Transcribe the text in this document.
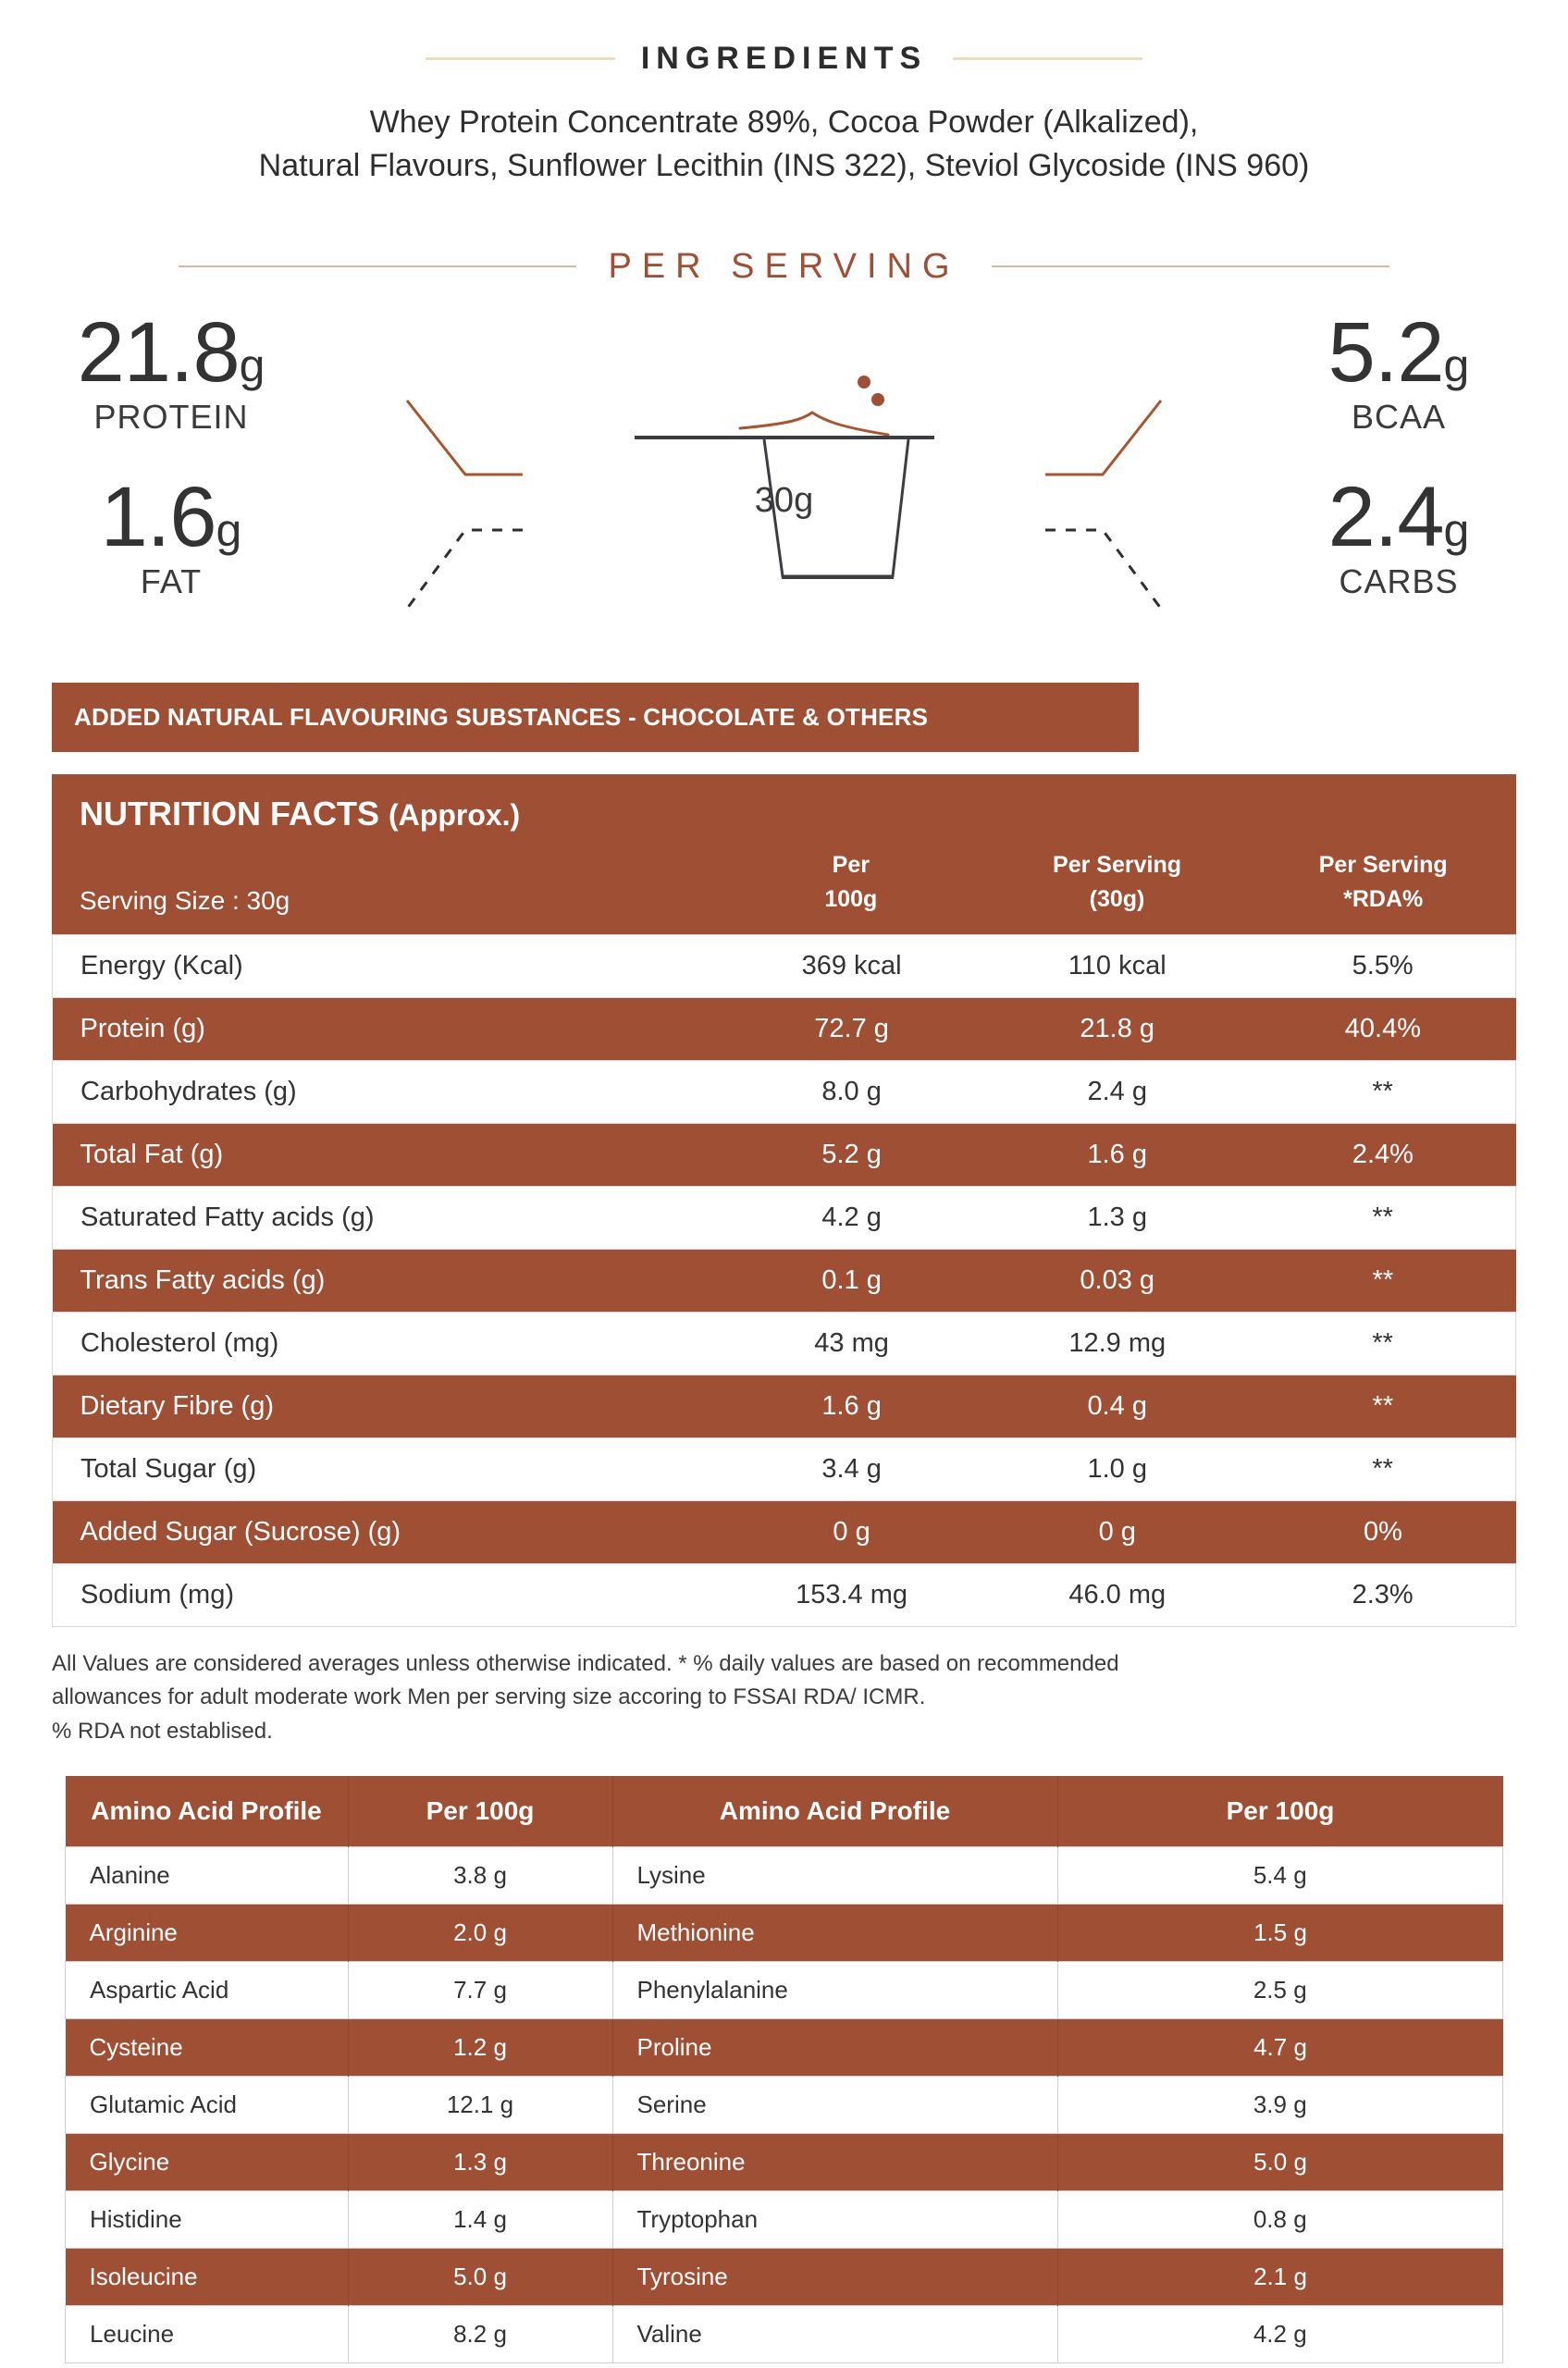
INGREDIENTS
Whey Protein Concentrate 89%, Cocoa Powder (Alkalized),
Natural Flavours, Sunflower Lecithin (INS 322), Steviol Glycoside (INS 960)
PER SERVING
30g
21.8g
PROTEIN
1.6g
FAT
5.2g
BCAA
2.4g
CARBS
ADDED NATURAL FLAVOURING SUBSTANCES - CHOCOLATE & OTHERS
NUTRITION FACTS (Approx.)
Serving Size : 30g
Per
100g
Per Serving
(30g)
Per Serving
*RDA%
Energy (Kcal)	369 kcal	110 kcal	5.5%
Protein (g)	72.7 g	21.8 g	40.4%
Carbohydrates (g)	8.0 g	2.4 g	**
Total Fat (g)	5.2 g	1.6 g	2.4%
Saturated Fatty acids (g)	4.2 g	1.3 g	**
Trans Fatty acids (g)	0.1 g	0.03 g	**
Cholesterol (mg)	43 mg	12.9 mg	**
Dietary Fibre (g)	1.6 g	0.4 g	**
Total Sugar (g)	3.4 g	1.0 g	**
Added Sugar (Sucrose) (g)	0 g	0 g	0%
Sodium (mg)	153.4 mg	46.0 mg	2.3%
All Values are considered averages unless otherwise indicated. * % daily values are based on recommended
allowances for adult moderate work Men per serving size accoring to FSSAI RDA/ ICMR.
% RDA not establised.
Amino Acid Profile	Per 100g	Amino Acid Profile	Per 100g
Alanine	3.8 g	Lysine	5.4 g
Arginine	2.0 g	Methionine	1.5 g
Aspartic Acid	7.7 g	Phenylalanine	2.5 g
Cysteine	1.2 g	Proline	4.7 g
Glutamic Acid	12.1 g	Serine	3.9 g
Glycine	1.3 g	Threonine	5.0 g
Histidine	1.4 g	Tryptophan	0.8 g
Isoleucine	5.0 g	Tyrosine	2.1 g
Leucine	8.2 g	Valine	4.2 g
